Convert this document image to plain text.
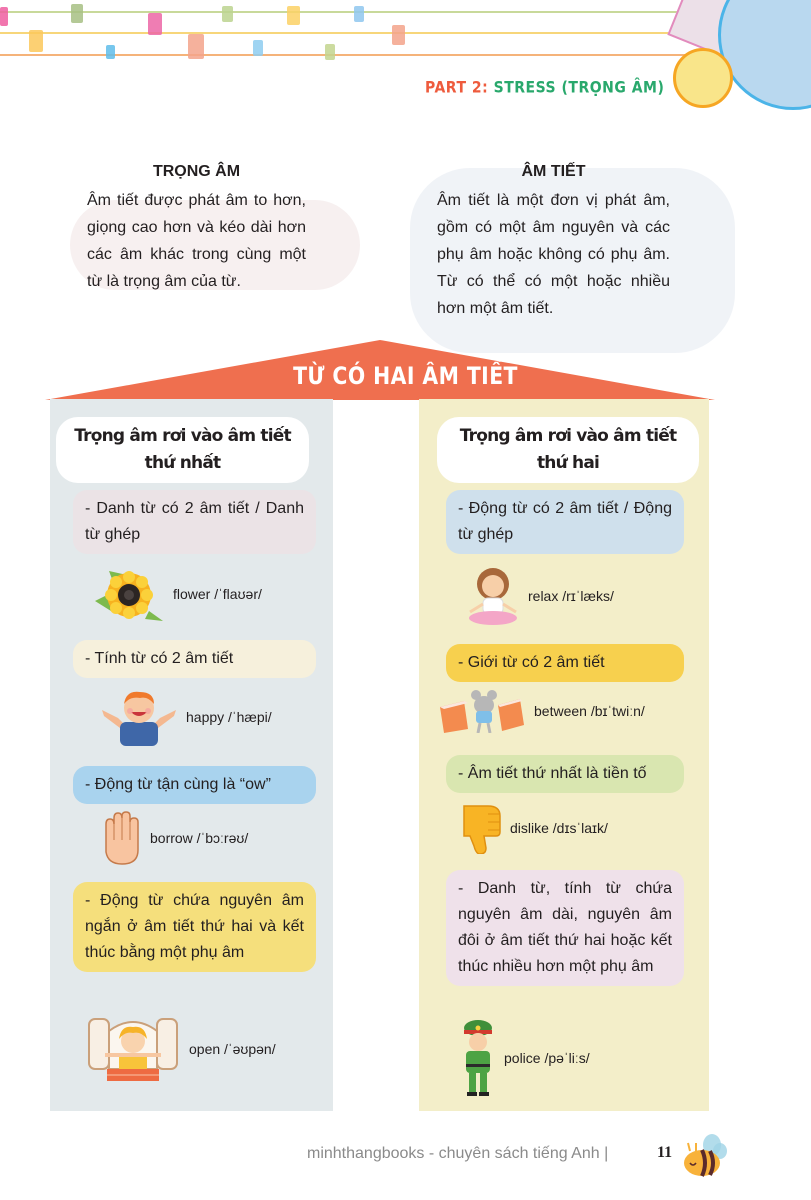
PART 2: STRESS (TRỌNG ÂM)
TRỌNG ÂM
Âm tiết được phát âm to hơn, giọng cao hơn và kéo dài hơn các âm khác trong cùng một từ là trọng âm của từ.
ÂM TIẾT
Âm tiết là một đơn vị phát âm, gồm có một âm nguyên và các phụ âm hoặc không có phụ âm. Từ có thể có một hoặc nhiều hơn một âm tiết.
TỪ CÓ HAI ÂM TIẾT
Trọng âm rơi vào âm tiết thứ nhất
- Danh từ có 2 âm tiết / Danh từ ghép
flower /ˈflaʊər/
- Tính từ có 2 âm tiết
happy /ˈhæpi/
- Động từ tận cùng là “ow”
borrow /ˈbɔːrəʊ/
- Động từ chứa nguyên âm ngắn ở âm tiết thứ hai và kết thúc bằng một phụ âm
open /ˈəʊpən/
Trọng âm rơi vào âm tiết thứ hai
- Động từ có 2 âm tiết / Động từ ghép
relax /rɪˈlæks/
- Giới từ có 2 âm tiết
between /bɪˈtwiːn/
- Âm tiết thứ nhất là tiền tố
dislike /dɪsˈlaɪk/
- Danh từ, tính từ chứa nguyên âm dài, nguyên âm đôi ở âm tiết thứ hai hoặc kết thúc nhiều hơn một phụ âm
police /pəˈliːs/
minhthangbooks - chuyên sách tiếng Anh |	11
